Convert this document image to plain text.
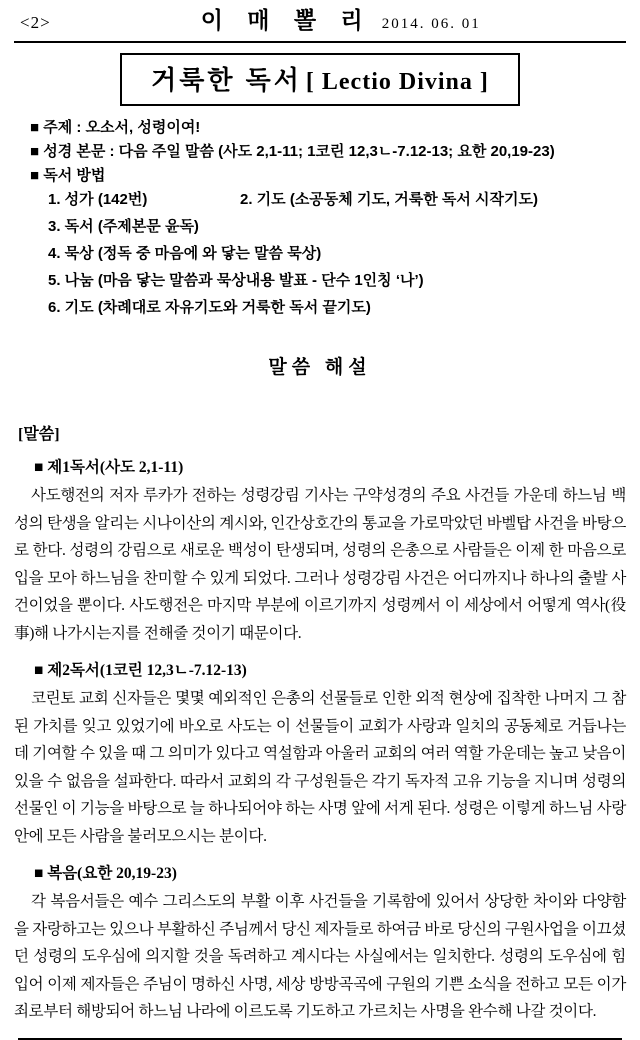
<2>	이 매 뽈 리 2014. 06. 01
거룩한 독서 [ Lectio Divina ]
■ 주제 : 오소서, 성령이여!
■ 성경 본문 : 다음 주일 말씀 (사도 2,1-11; 1코린 12,3ㄴ-7.12-13; 요한 20,19-23)
■ 독서 방법
1. 성가 (142번)	2. 기도 (소공동체 기도, 거룩한 독서 시작기도)
3. 독서 (주제본문 윤독)
4. 묵상 (정독 중 마음에 와 닿는 말씀 묵상)
5. 나눔 (마음 닿는 말씀과 묵상내용 발표 - 단수 1인칭 ‘나’)
6. 기도 (차례대로 자유기도와 거룩한 독서 끝기도)
말씀 해설
[말씀]
■ 제1독서(사도 2,1-11)

사도행전의 저자 루카가 전하는 성령강림 기사는 구약성경의 주요 사건들 가운데 하느님 백성의 탄생을 알리는 시나이산의 계시와, 인간상호간의 통교을 가로막았던 바벨탑 사건을 바탕으로 한다. 성령의 강림으로 새로운 백성이 탄생되며, 성령의 은총으로 사람들은 이제 한 마음으로 입을 모아 하느님을 찬미할 수 있게 되었다. 그러나 성령강림 사건은 어디까지나 하나의 출발 사건이었을 뿐이다. 사도행전은 마지막 부분에 이르기까지 성령께서 이 세상에서 어떻게 역사(役事)해 나가시는지를 전해줄 것이기 때문이다.

■ 제2독서(1코린 12,3ㄴ-7.12-13)

코린토 교회 신자들은 몇몇 예외적인 은총의 선물들로 인한 외적 현상에 집착한 나머지 그 참된 가치를 잊고 있었기에 바오로 사도는 이 선물들이 교회가 사랑과 일치의 공동체로 거듭나는 데 기여할 수 있을 때 그 의미가 있다고 역설함과 아울러 교회의 여러 역할 가운데는 높고 낮음이 있을 수 없음을 설파한다. 따라서 교회의 각 구성원들은 각기 독자적 고유 기능을 지니며 성령의 선물인 이 기능을 바탕으로 늘 하나되어야 하는 사명 앞에 서게 된다. 성령은 이렇게 하느님 사랑 안에 모든 사람을 불러모으시는 분이다.

■ 복음(요한 20,19-23)

각 복음서들은 예수 그리스도의 부활 이후 사건들을 기록함에 있어서 상당한 차이와 다양함을 자랑하고는 있으나 부활하신 주님께서 당신 제자들로 하여금 바로 당신의 구원사업을 이끄셨던 성령의 도우심에 의지할 것을 독려하고 계시다는 사실에서는 일치한다. 성령의 도우심에 힘입어 이제 제자들은 주님이 명하신 사명, 세상 방방곡곡에 구원의 기쁜 소식을 전하고 모든 이가 죄로부터 해방되어 하느님 나라에 이르도록 기도하고 가르치는 사명을 완수해 나갈 것이다.
